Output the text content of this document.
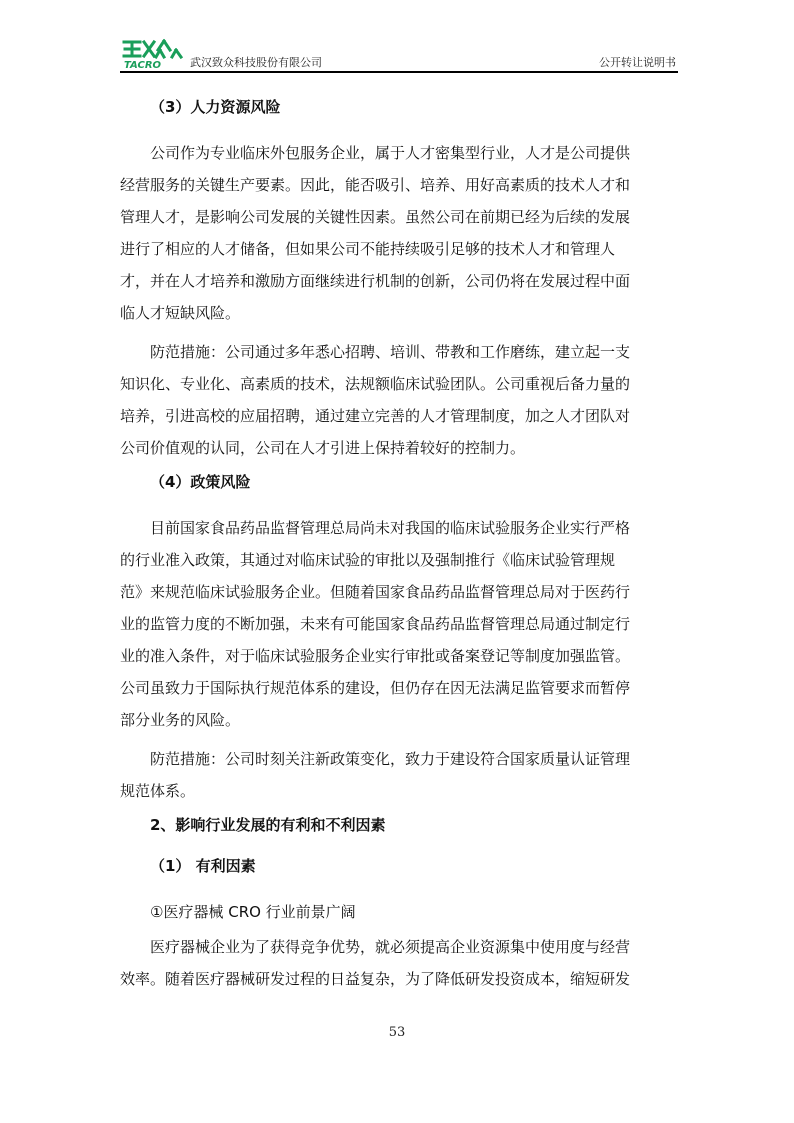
TACRO	武汉致众科技股份有限公司	公开转让说明书
（3）人力资源风险
公司作为专业临床外包服务企业，属于人才密集型行业，人才是公司提供
经营服务的关键生产要素。因此，能否吸引、培养、用好高素质的技术人才和
管理人才，是影响公司发展的关键性因素。虽然公司在前期已经为后续的发展
进行了相应的人才储备，但如果公司不能持续吸引足够的技术人才和管理人
才，并在人才培养和激励方面继续进行机制的创新，公司仍将在发展过程中面
临人才短缺风险。
防范措施：公司通过多年悉心招聘、培训、带教和工作磨练，建立起一支
知识化、专业化、高素质的技术，法规额临床试验团队。公司重视后备力量的
培养，引进高校的应届招聘，通过建立完善的人才管理制度，加之人才团队对
公司价值观的认同，公司在人才引进上保持着较好的控制力。
（4）政策风险
目前国家食品药品监督管理总局尚未对我国的临床试验服务企业实行严格
的行业准入政策，其通过对临床试验的审批以及强制推行《临床试验管理规
范》来规范临床试验服务企业。但随着国家食品药品监督管理总局对于医药行
业的监管力度的不断加强，未来有可能国家食品药品监督管理总局通过制定行
业的准入条件，对于临床试验服务企业实行审批或备案登记等制度加强监管。
公司虽致力于国际执行规范体系的建设，但仍存在因无法满足监管要求而暂停
部分业务的风险。
防范措施：公司时刻关注新政策变化，致力于建设符合国家质量认证管理
规范体系。
2、影响行业发展的有利和不利因素
（1） 有利因素
①医疗器械 CRO 行业前景广阔
医疗器械企业为了获得竞争优势，就必须提高企业资源集中使用度与经营
效率。随着医疗器械研发过程的日益复杂，为了降低研发投资成本，缩短研发
53
